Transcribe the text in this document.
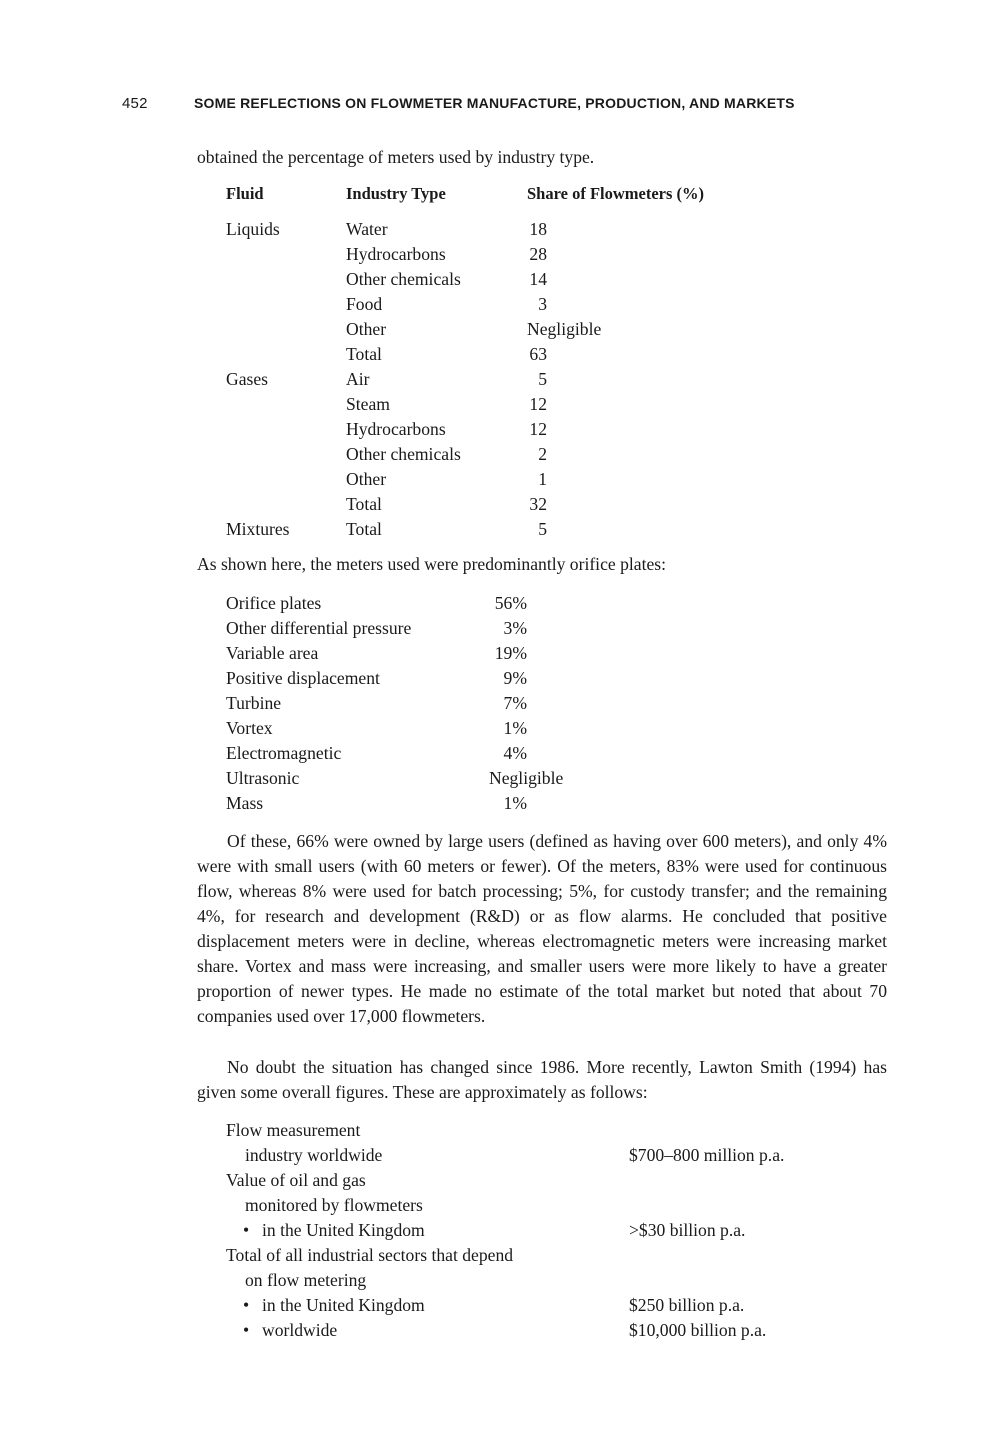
452	SOME REFLECTIONS ON FLOWMETER MANUFACTURE, PRODUCTION, AND MARKETS

obtained the percentage of meters used by industry type.

Fluid	Industry Type	Share of Flowmeters (%)
Liquids	Water	18
	Hydrocarbons	28
	Other chemicals	14
	Food	3
	Other	Negligible
	Total	63
Gases	Air	5
	Steam	12
	Hydrocarbons	12
	Other chemicals	2
	Other	1
	Total	32
Mixtures	Total	5

As shown here, the meters used were predominantly orifice plates:

Orifice plates	56%
Other differential pressure	3%
Variable area	19%
Positive displacement	9%
Turbine	7%
Vortex	1%
Electromagnetic	4%
Ultrasonic	Negligible
Mass	1%

Of these, 66% were owned by large users (defined as having over 600 meters), and only 4% were with small users (with 60 meters or fewer). Of the meters, 83% were used for continuous flow, whereas 8% were used for batch processing; 5%, for custody transfer; and the remaining 4%, for research and development (R&D) or as flow alarms. He concluded that positive displacement meters were in decline, whereas electromagnetic meters were increasing market share. Vortex and mass were increasing, and smaller users were more likely to have a greater proportion of newer types. He made no estimate of the total market but noted that about 70 companies used over 17,000 flowmeters.

No doubt the situation has changed since 1986. More recently, Lawton Smith (1994) has given some overall figures. These are approximately as follows:

Flow measurement	
industry worldwide	$700–800 million p.a.
Value of oil and gas	
monitored by flowmeters	
• in the United Kingdom	>$30 billion p.a.
Total of all industrial sectors that depend	
on flow metering	
• in the United Kingdom	$250 billion p.a.
• worldwide	$10,000 billion p.a.
